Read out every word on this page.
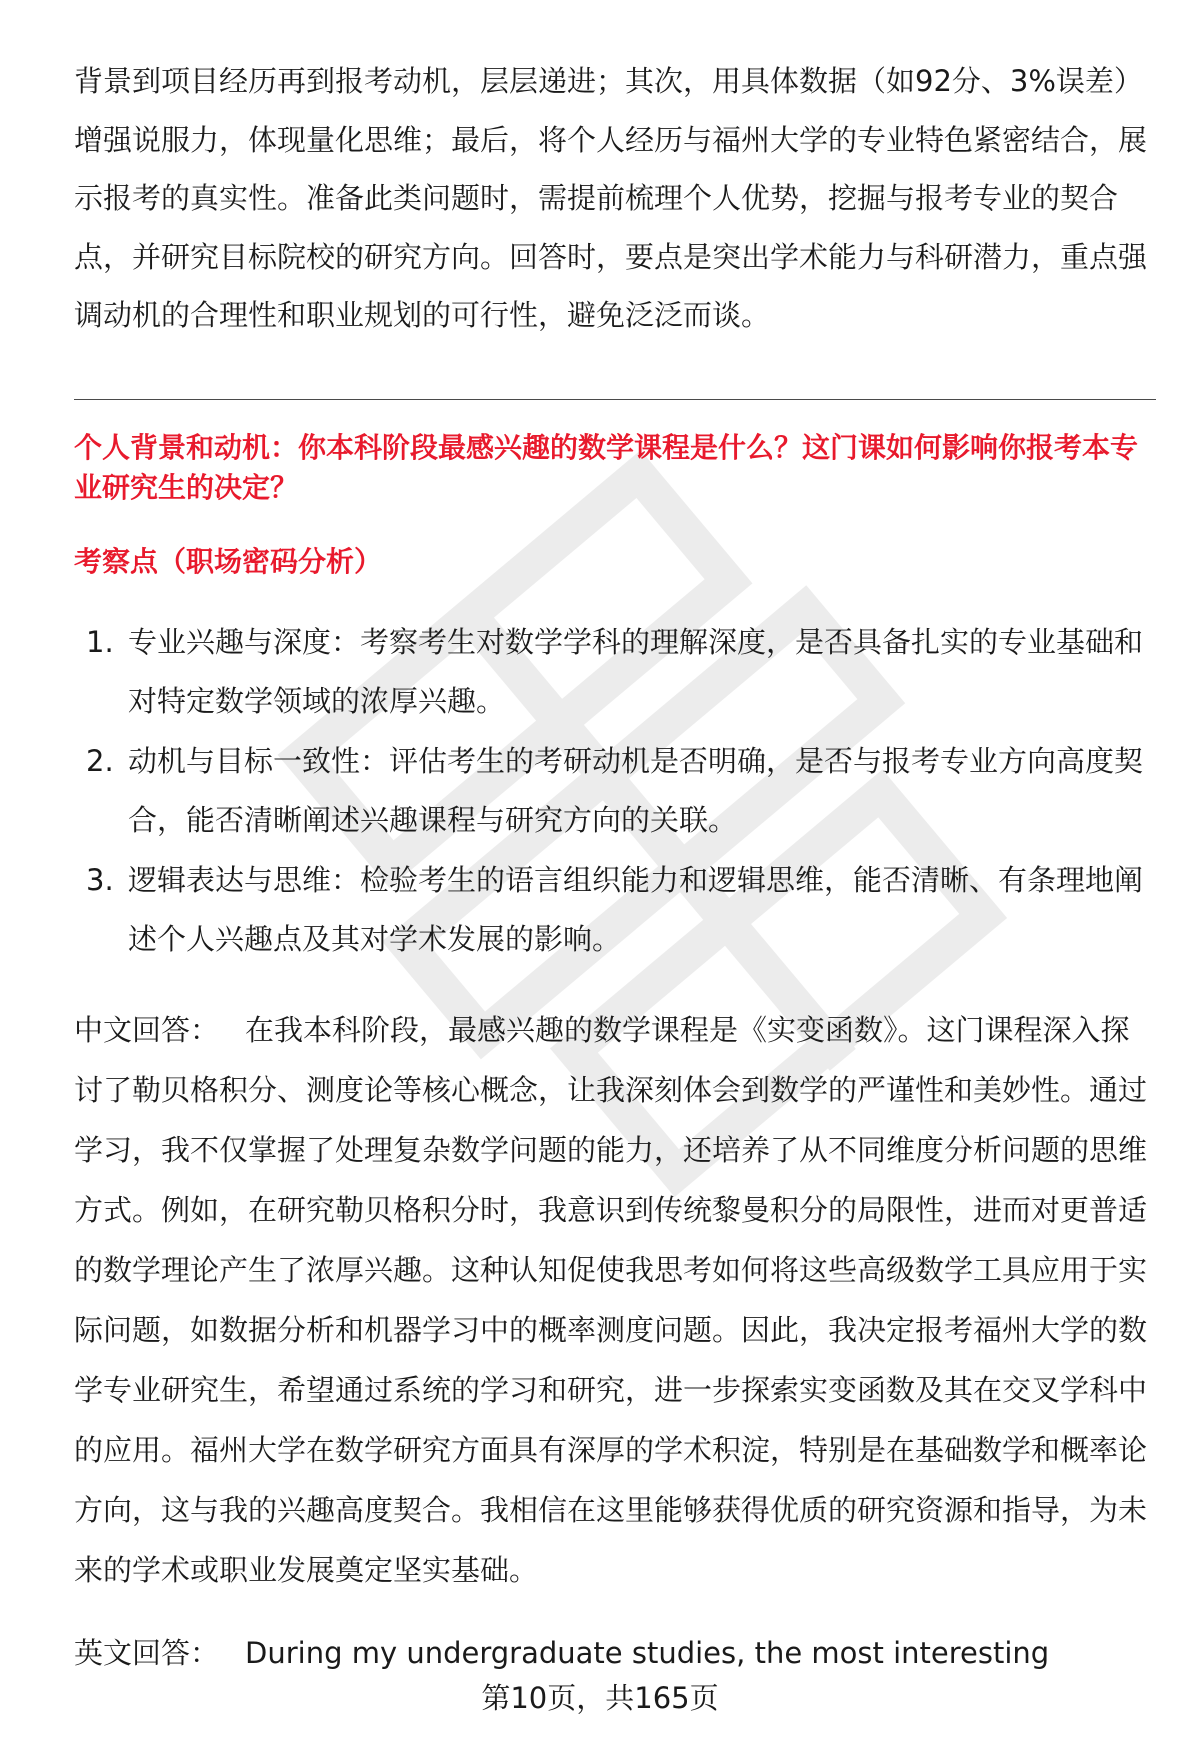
背景到项目经历再到报考动机，层层递进；其次，用具体数据（如92分、3%误差）增强说服力，体现量化思维；最后，将个人经历与福州大学的专业特色紧密结合，展示报考的真实性。准备此类问题时，需提前梳理个人优势，挖掘与报考专业的契合点，并研究目标院校的研究方向。回答时，要点是突出学术能力与科研潜力，重点强调动机的合理性和职业规划的可行性，避免泛泛而谈。

个人背景和动机：你本科阶段最感兴趣的数学课程是什么？这门课如何影响你报考本专业研究生的决定？
考察点（职场密码分析）
1. 专业兴趣与深度：考察考生对数学学科的理解深度，是否具备扎实的专业基础和对特定数学领域的浓厚兴趣。
2. 动机与目标一致性：评估考生的考研动机是否明确，是否与报考专业方向高度契合，能否清晰阐述兴趣课程与研究方向的关联。
3. 逻辑表达与思维：检验考生的语言组织能力和逻辑思维，能否清晰、有条理地阐述个人兴趣点及其对学术发展的影响。

中文回答： 在我本科阶段，最感兴趣的数学课程是《实变函数》。这门课程深入探讨了勒贝格积分、测度论等核心概念，让我深刻体会到数学的严谨性和美妙性。通过学习，我不仅掌握了处理复杂数学问题的能力，还培养了从不同维度分析问题的思维方式。例如，在研究勒贝格积分时，我意识到传统黎曼积分的局限性，进而对更普适的数学理论产生了浓厚兴趣。这种认知促使我思考如何将这些高级数学工具应用于实际问题，如数据分析和机器学习中的概率测度问题。因此，我决定报考福州大学的数学专业研究生，希望通过系统的学习和研究，进一步探索实变函数及其在交叉学科中的应用。福州大学在数学研究方面具有深厚的学术积淀，特别是在基础数学和概率论方向，这与我的兴趣高度契合。我相信在这里能够获得优质的研究资源和指导，为未来的学术或职业发展奠定坚实基础。

英文回答： During my undergraduate studies, the most interesting

第10页，共165页
